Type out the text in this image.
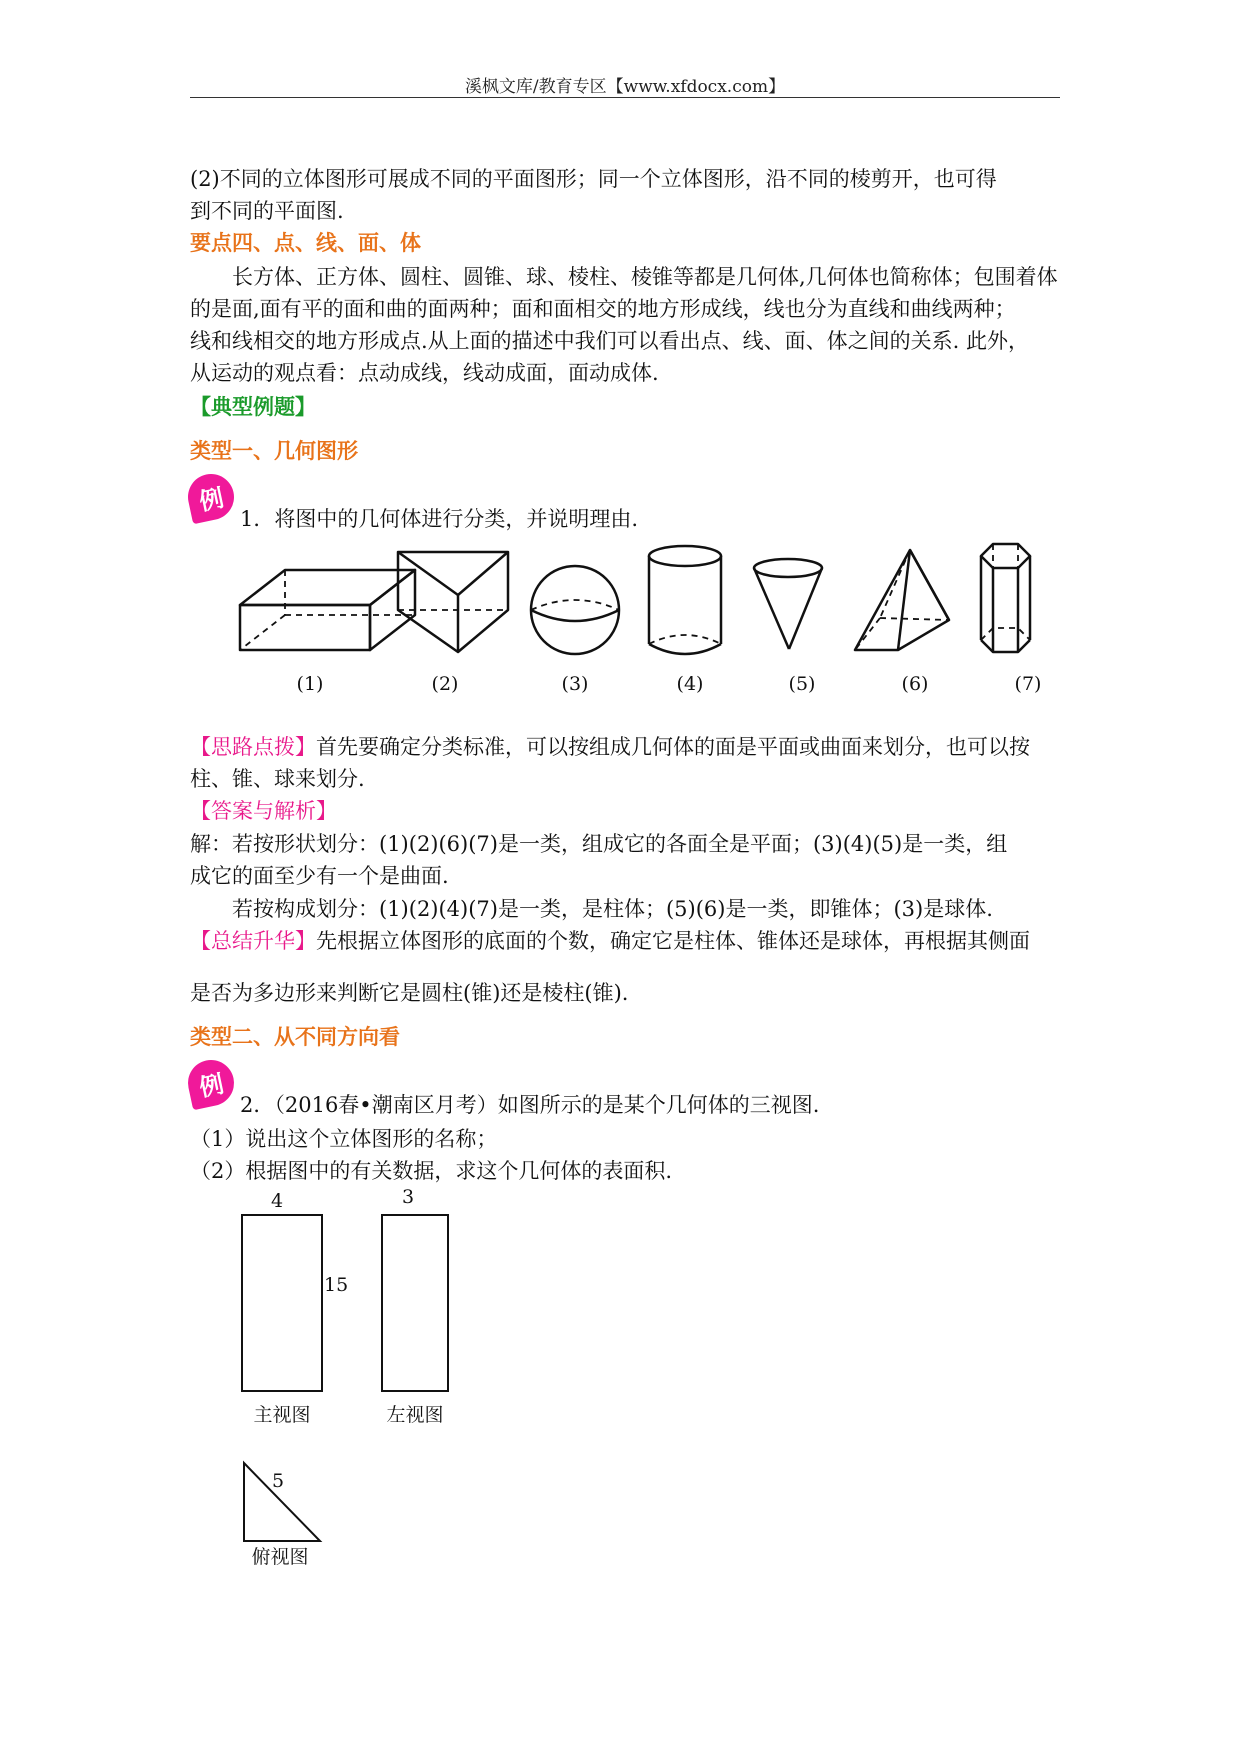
溪枫文库/教育专区【www.xfdocx.com】
(2)不同的立体图形可展成不同的平面图形；同一个立体图形，沿不同的棱剪开，也可得
到不同的平面图.
要点四、点、线、面、体
长方体、正方体、圆柱、圆锥、球、棱柱、棱锥等都是几何体,几何体也简称体；包围着体
的是面,面有平的面和曲的面两种；面和面相交的地方形成线，线也分为直线和曲线两种；
线和线相交的地方形成点.从上面的描述中我们可以看出点、线、面、体之间的关系. 此外，
从运动的观点看：点动成线，线动成面，面动成体.
【典型例题】
类型一、几何图形
例
1．将图中的几何体进行分类，并说明理由.
(1)	(2)	(3)	(4)	(5)	(6)	(7)
【思路点拨】首先要确定分类标准，可以按组成几何体的面是平面或曲面来划分，也可以按
柱、锥、球来划分.
【答案与解析】
解：若按形状划分：(1)(2)(6)(7)是一类，组成它的各面全是平面；(3)(4)(5)是一类，组
成它的面至少有一个是曲面.
若按构成划分：(1)(2)(4)(7)是一类，是柱体；(5)(6)是一类，即锥体；(3)是球体.
【总结升华】先根据立体图形的底面的个数，确定它是柱体、锥体还是球体，再根据其侧面
是否为多边形来判断它是圆柱(锥)还是棱柱(锥).
类型二、从不同方向看
例
2．（2016春•潮南区月考）如图所示的是某个几何体的三视图.
（1）说出这个立体图形的名称；
（2）根据图中的有关数据，求这个几何体的表面积.
4	3
15
5
主视图	左视图
俯视图
